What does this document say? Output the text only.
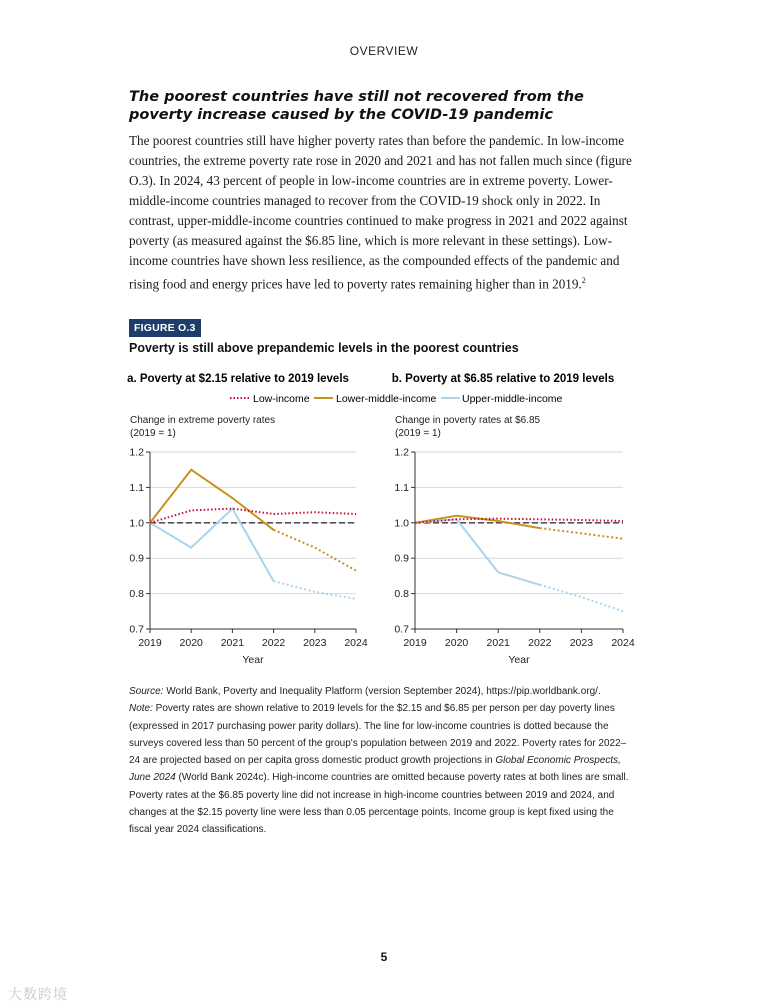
OVERVIEW
The poorest countries have still not recovered from the poverty increase caused by the COVID-19 pandemic

The poorest countries still have higher poverty rates than before the pandemic. In low-income countries, the extreme poverty rate rose in 2020 and 2021 and has not fallen much since (figure O.3). In 2024, 43 percent of people in low-income countries are in extreme poverty. Lower-middle-income countries managed to recover from the COVID-19 shock only in 2022. In contrast, upper-middle-income countries continued to make progress in 2021 and 2022 against poverty (as measured against the $6.85 line, which is more relevant in these settings). Low-income countries have shown less resilience, as the compounded effects of the pandemic and rising food and energy prices have led to poverty rates remaining higher than in 2019.$^2$

FIGURE O.3
Poverty is still above prepandemic levels in the poorest countries
a. Poverty at $2.15 relative to 2019 levels	b. Poverty at $6.85 relative to 2019 levels
Low-income	Lower-middle-income Upper-middle-income
Change in extreme poverty rates
(2019 = 1)
0.7
0.8
0.9
1.0
1.1
1.2
2019 2020 2021 2022 2023 2024
Year
Change in poverty rates at $6.85
(2019 = 1)
0.7
0.8
0.9
1.0
1.1
1.2
2019 2020 2021 2022 2023 2024
Year
Source: World Bank, Poverty and Inequality Platform (version September 2024), https://pip.worldbank.org/.
Note: Poverty rates are shown relative to 2019 levels for the $2.15 and $6.85 per person per day poverty lines (expressed in 2017 purchasing power parity dollars). The line for low-income countries is dotted because the surveys covered less than 50 percent of the group's population between 2019 and 2022. Poverty rates for 2022–24 are projected based on per capita gross domestic product growth projections in Global Economic Prospects, June 2024 (World Bank 2024c). High-income countries are omitted because poverty rates at both lines are small. Poverty rates at the $6.85 poverty line did not increase in high-income countries between 2019 and 2024, and changes at the $2.15 poverty line were less than 0.05 percentage points. Income group is kept fixed using the fiscal year 2024 classifications.
5
大数跨境
